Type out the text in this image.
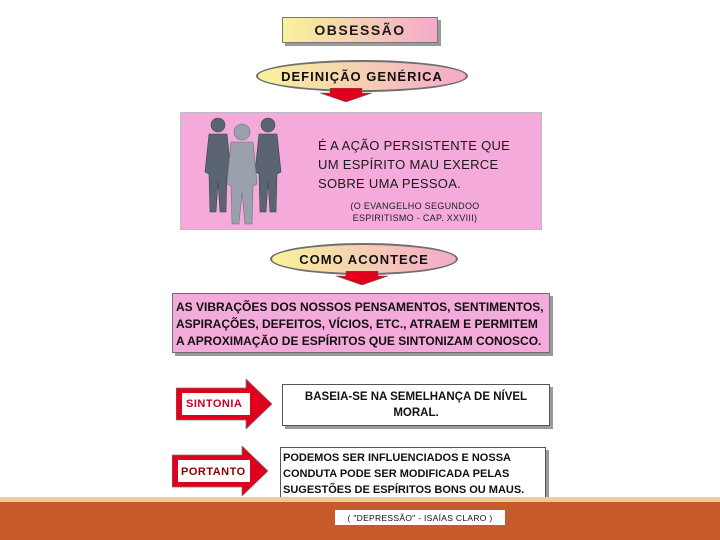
OBSESSÃO
DEFINIÇÃO GENÉRICA
É A AÇÃO PERSISTENTE QUE
UM ESPÍRITO MAU EXERCE
SOBRE UMA PESSOA.
(O EVANGELHO SEGUNDOO
ESPIRITISMO - CAP. XXVIII)
COMO ACONTECE
AS VIBRAÇÕES DOS NOSSOS PENSAMENTOS, SENTIMENTOS,
ASPIRAÇÕES, DEFEITOS, VÍCIOS, ETC., ATRAEM E PERMITEM
A APROXIMAÇÃO DE ESPÍRITOS QUE SINTONIZAM CONOSCO.
SINTONIA
BASEIA-SE NA SEMELHANÇA DE NÍVEL
MORAL.
PORTANTO
PODEMOS SER INFLUENCIADOS E NOSSA
CONDUTA PODE SER MODIFICADA PELAS
SUGESTÕES DE ESPÍRITOS BONS OU MAUS.
( "DEPRESSÃO" - ISAÍAS CLARO )
